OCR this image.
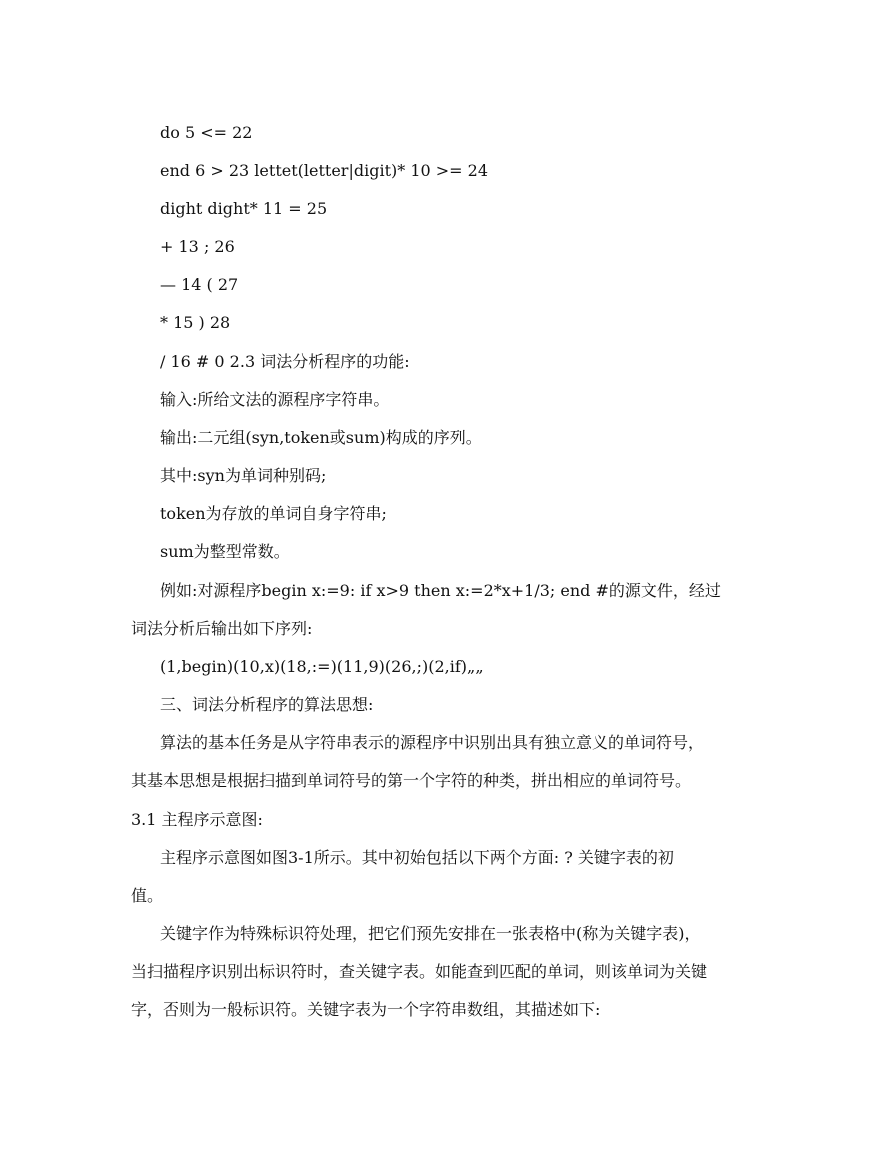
do 5 <= 22
end 6 > 23 lettet(letter|digit)* 10 >= 24
dight dight* 11 = 25
+ 13 ; 26
— 14 ( 27
* 15 ) 28
/ 16 # 0 2.3 词法分析程序的功能:
输入:所给文法的源程序字符串。
输出:二元组(syn,token或sum)构成的序列。
其中:syn为单词种别码;
token为存放的单词自身字符串;
sum为整型常数。
例如:对源程序begin x:=9: if x>9 then x:=2*x+1/3; end #的源文件，经过
词法分析后输出如下序列:
(1,begin)(10,x)(18,:=)(11,9)(26,;)(2,if)„„
三、词法分析程序的算法思想:
算法的基本任务是从字符串表示的源程序中识别出具有独立意义的单词符号，
其基本思想是根据扫描到单词符号的第一个字符的种类，拼出相应的单词符号。
3.1 主程序示意图:
主程序示意图如图3-1所示。其中初始包括以下两个方面: ? 关键字表的初
值。
关键字作为特殊标识符处理，把它们预先安排在一张表格中(称为关键字表)，
当扫描程序识别出标识符时，查关键字表。如能查到匹配的单词，则该单词为关键
字，否则为一般标识符。关键字表为一个字符串数组，其描述如下:
